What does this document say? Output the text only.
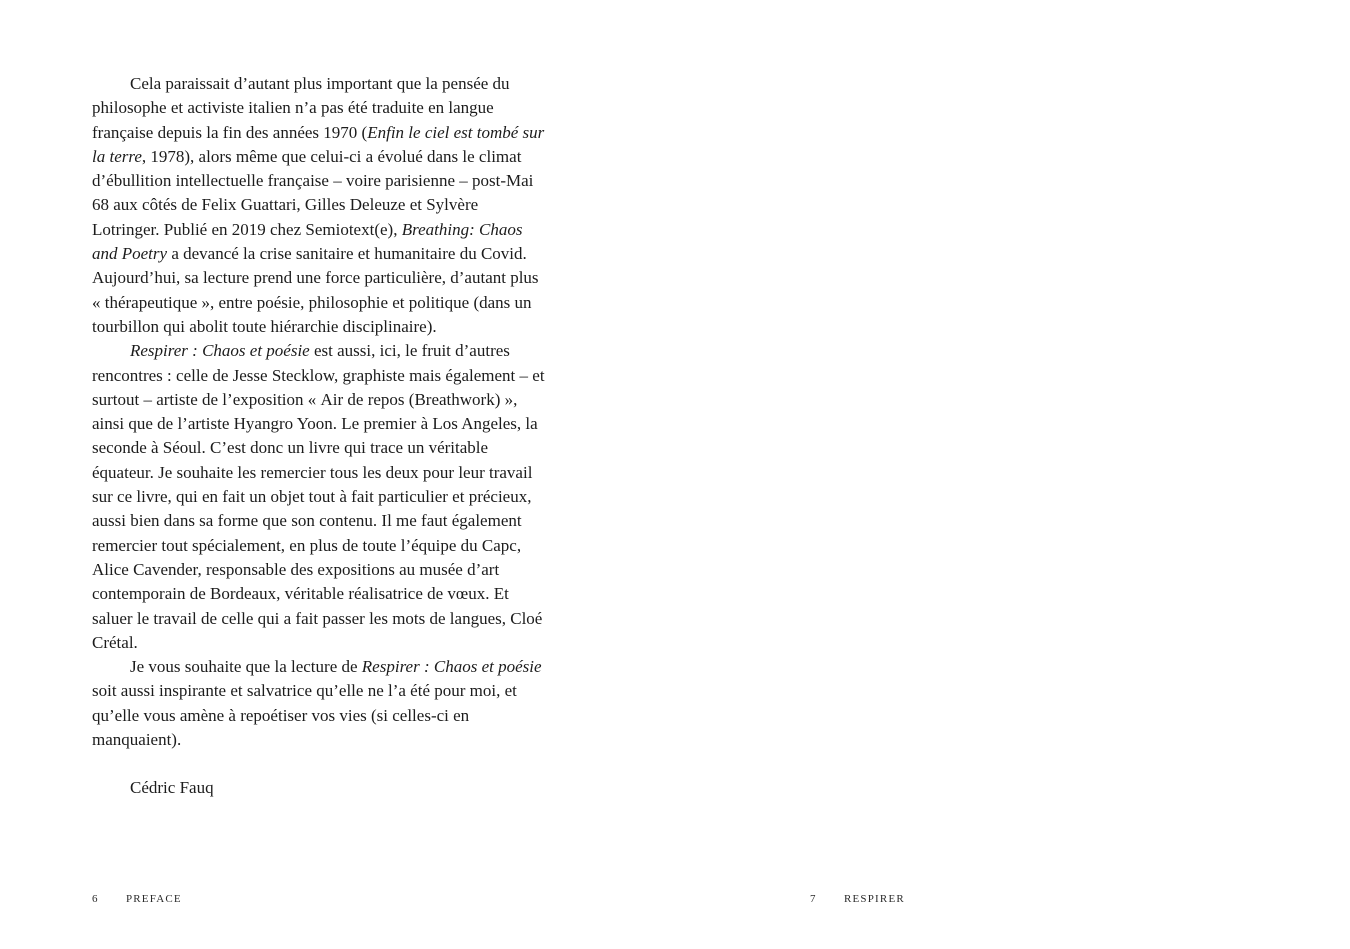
Cela paraissait d’autant plus important que la pensée du philosophe et activiste italien n’a pas été traduite en langue française depuis la fin des années 1970 (Enfin le ciel est tombé sur la terre, 1978), alors même que celui-ci a évolué dans le climat d’ébullition intellectuelle française – voire parisienne – post-Mai 68 aux côtés de Felix Guattari, Gilles Deleuze et Sylvère Lotringer. Publié en 2019 chez Semiotext(e), Breathing: Chaos and Poetry a devancé la crise sanitaire et humanitaire du Covid. Aujourd’hui, sa lecture prend une force particulière, d’autant plus « thérapeutique », entre poésie, philosophie et politique (dans un tourbillon qui abolit toute hiérarchie disciplinaire).

Respirer : Chaos et poésie est aussi, ici, le fruit d’autres rencontres : celle de Jesse Stecklow, graphiste mais également – et surtout – artiste de l’exposition « Air de repos (Breathwork) », ainsi que de l’artiste Hyangro Yoon. Le premier à Los Angeles, la seconde à Séoul. C’est donc un livre qui trace un véritable équateur. Je souhaite les remercier tous les deux pour leur travail sur ce livre, qui en fait un objet tout à fait particulier et précieux, aussi bien dans sa forme que son contenu. Il me faut également remercier tout spécialement, en plus de toute l’équipe du Capc, Alice Cavender, responsable des expositions au musée d’art contemporain de Bordeaux, véritable réalisatrice de vœux. Et saluer le travail de celle qui a fait passer les mots de langues, Cloé Crétal.

Je vous souhaite que la lecture de Respirer : Chaos et poésie soit aussi inspirante et salvatrice qu’elle ne l’a été pour moi, et qu’elle vous amène à repoétiser vos vies (si celles-ci en manquaient).

Cédric Fauq
6 PREFACE	7 RESPIRER
